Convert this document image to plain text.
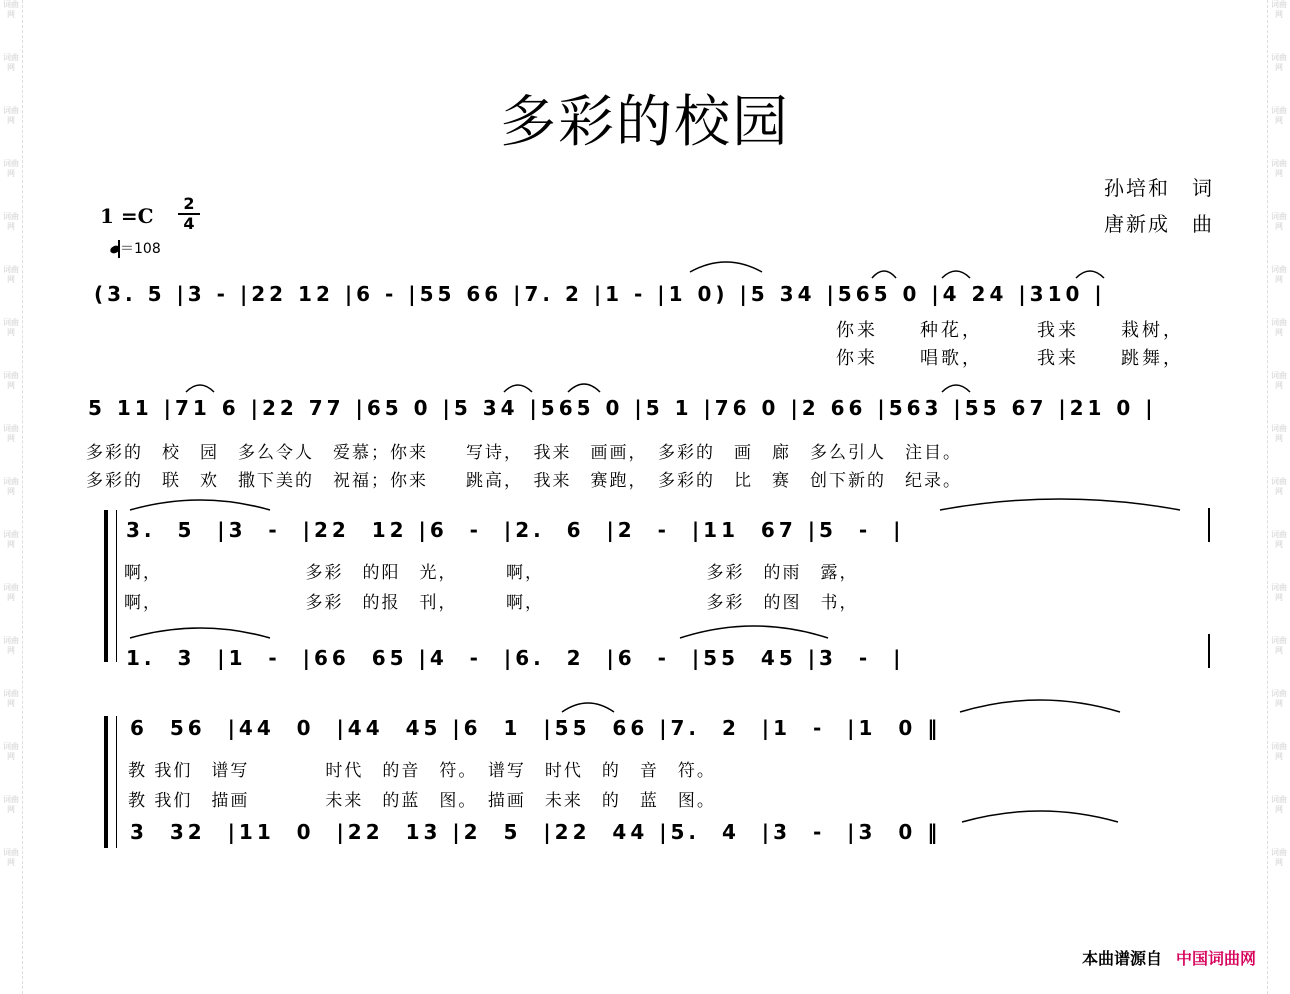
词曲网
词曲网
词曲网
词曲网
词曲网
词曲网
词曲网
词曲网
词曲网
词曲网
词曲网
词曲网
词曲网
词曲网
词曲网
词曲网
词曲网
词曲网
词曲网
词曲网
词曲网
词曲网
词曲网
词曲网
词曲网
词曲网
词曲网
词曲网
词曲网
词曲网
词曲网
词曲网
词曲网
词曲网
多彩的校园
孙培和　词
唐新成　曲
1 =C
2
4
＝108
(3. 5 |3 - |22 12 |6 - |55 66 |7. 2 |1 - |1 0) |5 34 |565 0 |4 24 |310 |
你来　　种花，　　　我来　　栽树，
你来　　唱歌，　　　我来　　跳舞，
5 11 |71 6 |22 77 |65 0 |5 34 |565 0 |5 1 |76 0 |2 66 |563 |55 67 |21 0 |
多彩的　校　园　多么令人　爱慕；你来　　写诗，　我来　画画，　多彩的　画　廊　多么引人　注目。
多彩的　联　欢　撒下美的　祝福；你来　　跳高，　我来　赛跑，　多彩的　比　赛　创下新的　纪录。
3.  5  |3  -  |22  12 |6  -  |2.  6  |2  -  |11  67 |5  -  |
啊，　　　　　　　　多彩　的阳　光，　　　啊，　　　　　　　　　多彩　的雨　露，
啊，　　　　　　　　多彩　的报　刊，　　　啊，　　　　　　　　　多彩　的图　书，
1.  3  |1  -  |66  65 |4  -  |6.  2  |6  -  |55  45 |3  -  |
6  56  |44  0  |44  45 |6  1  |55  66 |7.  2  |1  -  |1  0 ‖
教 我们　谱写　　　　时代　的音　符。　谱写　时代　的　音　符。
教 我们　描画　　　　未来　的蓝　图。　描画　未来　的　蓝　图。
3  32  |11  0  |22  13 |2  5  |22  44 |5.  4  |3  -  |3  0 ‖
本曲谱源自 中国词曲网
